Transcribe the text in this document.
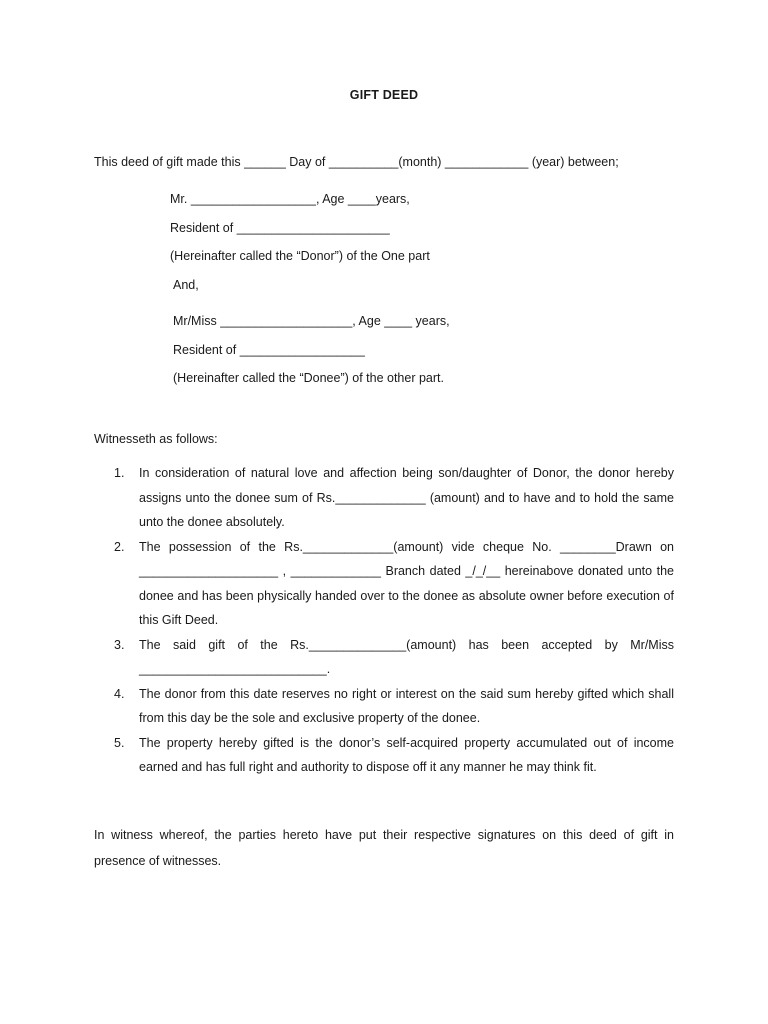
GIFT DEED
This deed of gift made this ______ Day of __________(month) ____________ (year) between;
Mr. __________________, Age ____years,
Resident of ______________________
(Hereinafter called the “Donor”) of the One part
And,
Mr/Miss ___________________, Age ____ years,
Resident of __________________
(Hereinafter called the “Donee”) of the other part.
Witnesseth as follows:
1. In consideration of natural love and affection being son/daughter of Donor, the donor hereby assigns unto the donee sum of Rs._____________ (amount) and to have and to hold the same unto the donee absolutely.
2. The possession of the Rs._____________(amount) vide cheque No. ________Drawn on ____________________ , _____________ Branch dated _/_/__ hereinabove donated unto the donee and has been physically handed over to the donee as absolute owner before execution of this Gift Deed.
3. The said gift of the Rs.______________(amount) has been accepted by Mr/Miss ___________________________.
4. The donor from this date reserves no right or interest on the said sum hereby gifted which shall from this day be the sole and exclusive property of the donee.
5. The property hereby gifted is the donor’s self-acquired property accumulated out of income earned and has full right and authority to dispose off it any manner he may think fit.
In witness whereof, the parties hereto have put their respective signatures on this deed of gift in presence of witnesses.
